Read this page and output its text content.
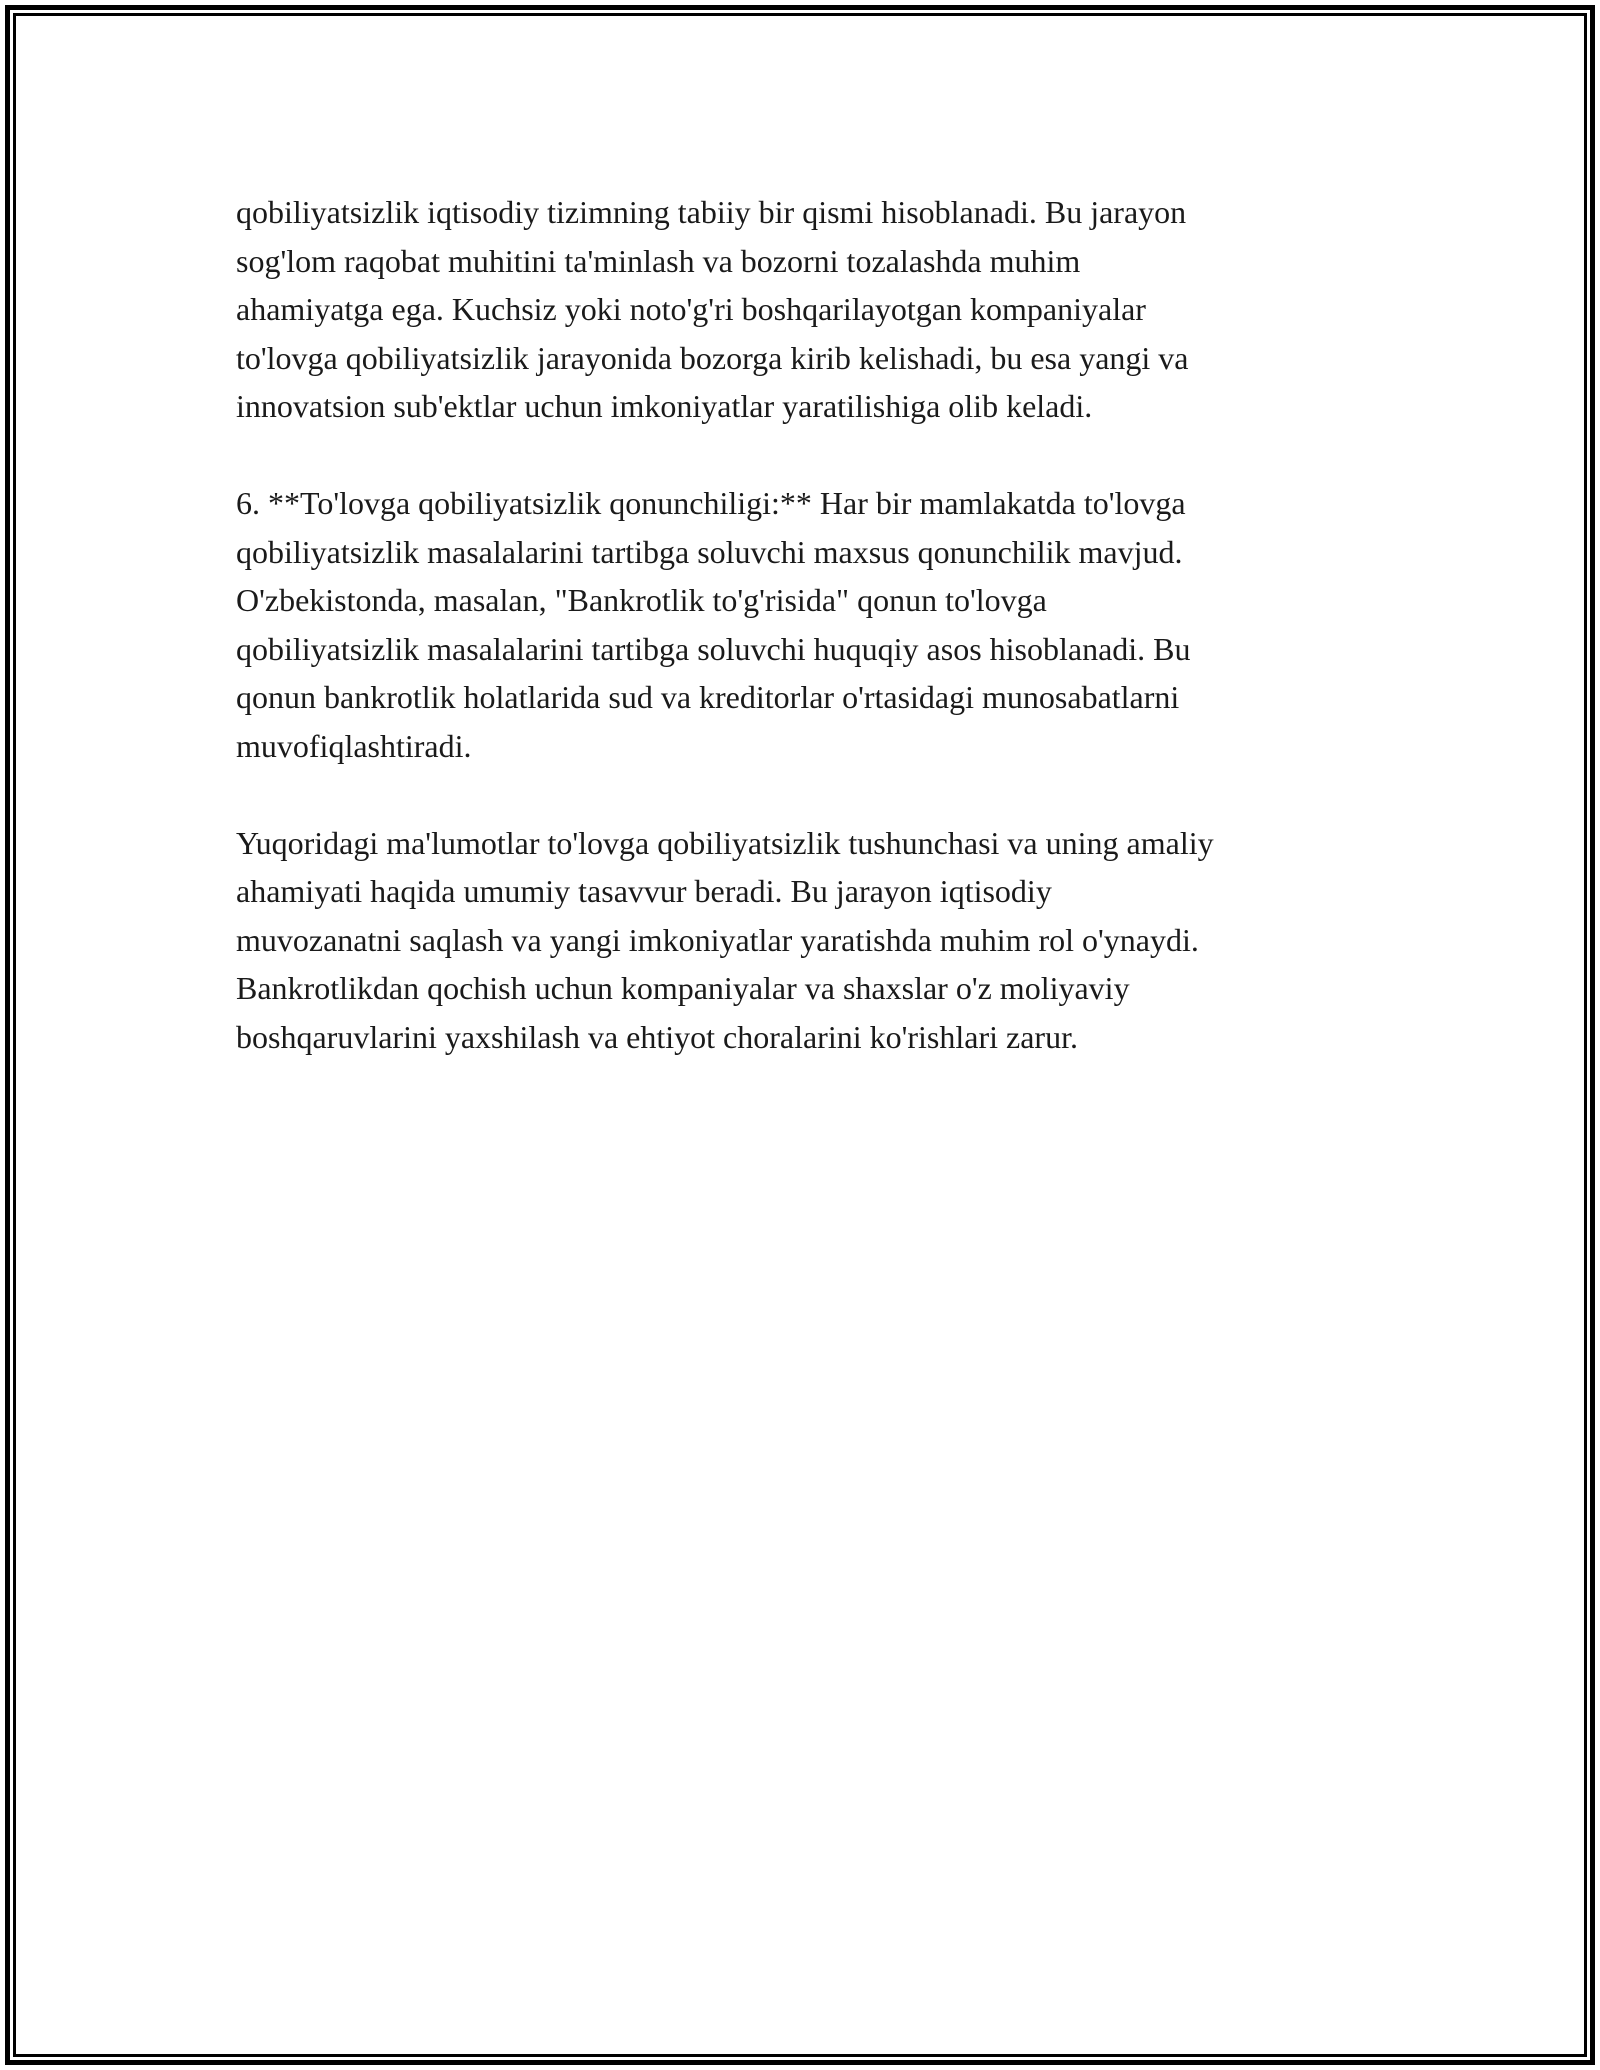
qobiliyatsizlik iqtisodiy tizimning tabiiy bir qismi hisoblanadi. Bu jarayon
sog'lom raqobat muhitini ta'minlash va bozorni tozalashda muhim
ahamiyatga ega. Kuchsiz yoki noto'g'ri boshqarilayotgan kompaniyalar
to'lovga qobiliyatsizlik jarayonida bozorga kirib kelishadi, bu esa yangi va
innovatsion sub'ektlar uchun imkoniyatlar yaratilishiga olib keladi.

6. **To'lovga qobiliyatsizlik qonunchiligi:** Har bir mamlakatda to'lovga
qobiliyatsizlik masalalarini tartibga soluvchi maxsus qonunchilik mavjud.
O'zbekistonda, masalan, "Bankrotlik to'g'risida" qonun to'lovga
qobiliyatsizlik masalalarini tartibga soluvchi huquqiy asos hisoblanadi. Bu
qonun bankrotlik holatlarida sud va kreditorlar o'rtasidagi munosabatlarni
muvofiqlashtiradi.

Yuqoridagi ma'lumotlar to'lovga qobiliyatsizlik tushunchasi va uning amaliy
ahamiyati haqida umumiy tasavvur beradi. Bu jarayon iqtisodiy
muvozanatni saqlash va yangi imkoniyatlar yaratishda muhim rol o'ynaydi.
Bankrotlikdan qochish uchun kompaniyalar va shaxslar o'z moliyaviy
boshqaruvlarini yaxshilash va ehtiyot choralarini ko'rishlari zarur.
